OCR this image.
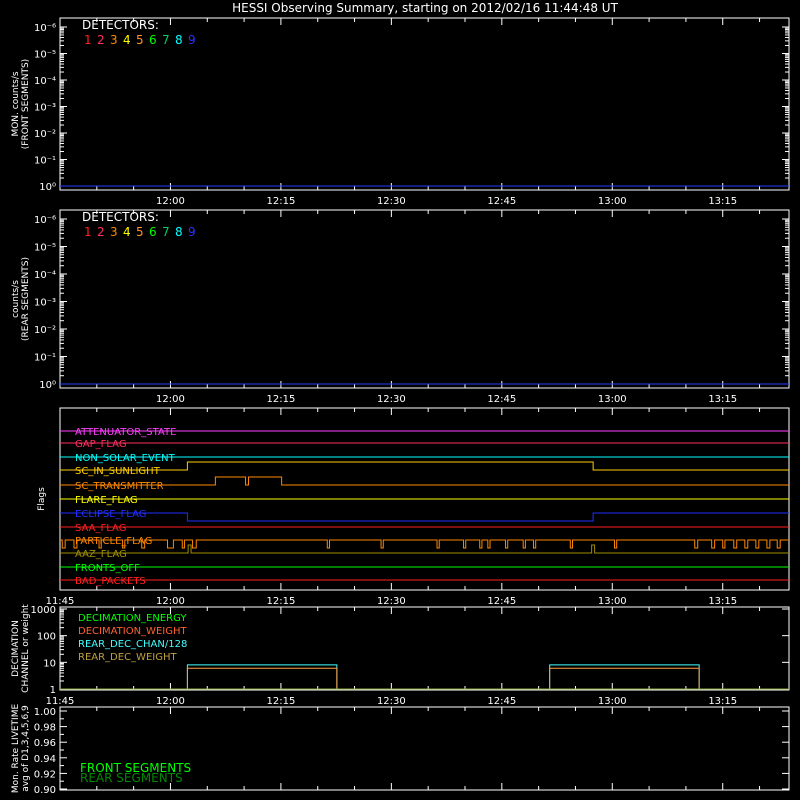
HESSI Observing Summary, starting on 2012/02/16 11:44:48 UT
12:00	12:15	12:30	12:45	13:00	13:15
MON. counts/s(FRONT SEGMENTS)
10⁰
10⁻¹
10⁻²
10⁻³
10⁻⁴
10⁻⁵
10⁻⁶ DETECTORS:
1 2 3 4 5 6 7 8 9
12:00	12:15	12:30	12:45	13:00	13:15
counts/s(REAR SEGMENTS)
10⁰
10⁻¹
10⁻²
10⁻³
10⁻⁴
10⁻⁵
10⁻⁶ DETECTORS:
1 2 3 4 5 6 7 8 9
11:45	12:00	12:15	12:30	12:45	13:00	13:15
Flags
ATTENUATOR_STATE
GAP_FLAG
NON_SOLAR_EVENT
SC_IN_SUNLIGHT
SC_TRANSMITTER
FLARE_FLAG
ECLIPSE_FLAG
SAA_FLAG
PARTICLE_FLAG
AAZ_FLAG
FRONTS_OFF
BAD_PACKETS
11:45	12:00	12:15	12:30	12:45	13:00	13:15
DECIMATIONCHANNEL or weight 1
10
100
1000
DECIMATION_ENERGY
DECIMATION_WEIGHT
REAR_DEC_CHAN/128
REAR_DEC_WEIGHT
Mon. Rate LIVETIMEavg of D1,3,4,5,6,9 0.90
0.92
0.94
0.96
0.98
1.00
FRONT SEGMENTS
REAR SEGMENTS
